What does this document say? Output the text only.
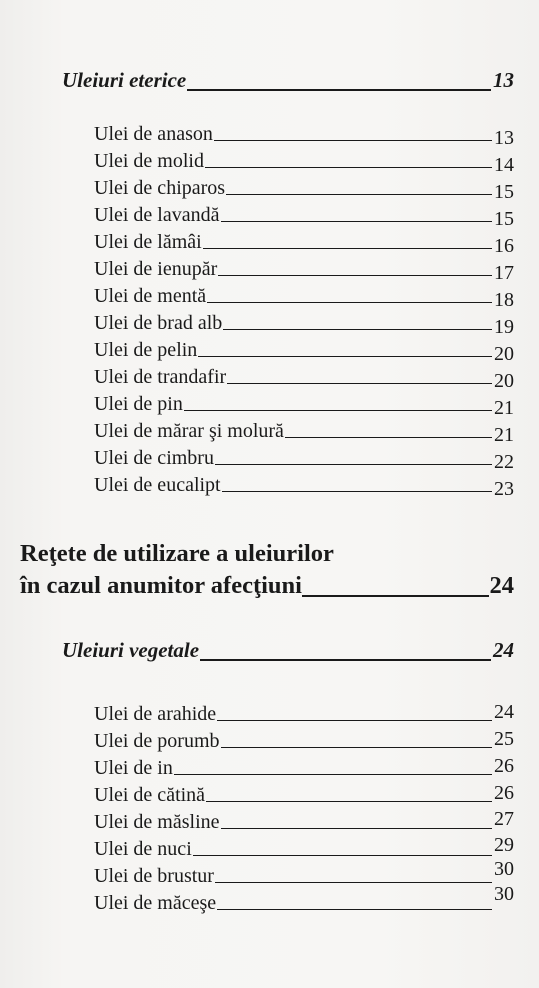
Uleiuri eterice	13
Ulei de anason	13
Ulei de molid	14
Ulei de chiparos	15
Ulei de lavandă	15
Ulei de lămâi	16
Ulei de ienupăr	17
Ulei de mentă	18
Ulei de brad alb	19
Ulei de pelin	20
Ulei de trandafir	20
Ulei de pin	21
Ulei de mărar şi molură	21
Ulei de cimbru	22
Ulei de eucalipt	23
Reţete de utilizare a uleiurilor
în cazul anumitor afecţiuni	24
Uleiuri vegetale	24
Ulei de arahide	24
Ulei de porumb	25
Ulei de in	26
Ulei de cătină	26
Ulei de măsline	27
Ulei de nuci	29
Ulei de brustur	30
Ulei de măceşe	30
